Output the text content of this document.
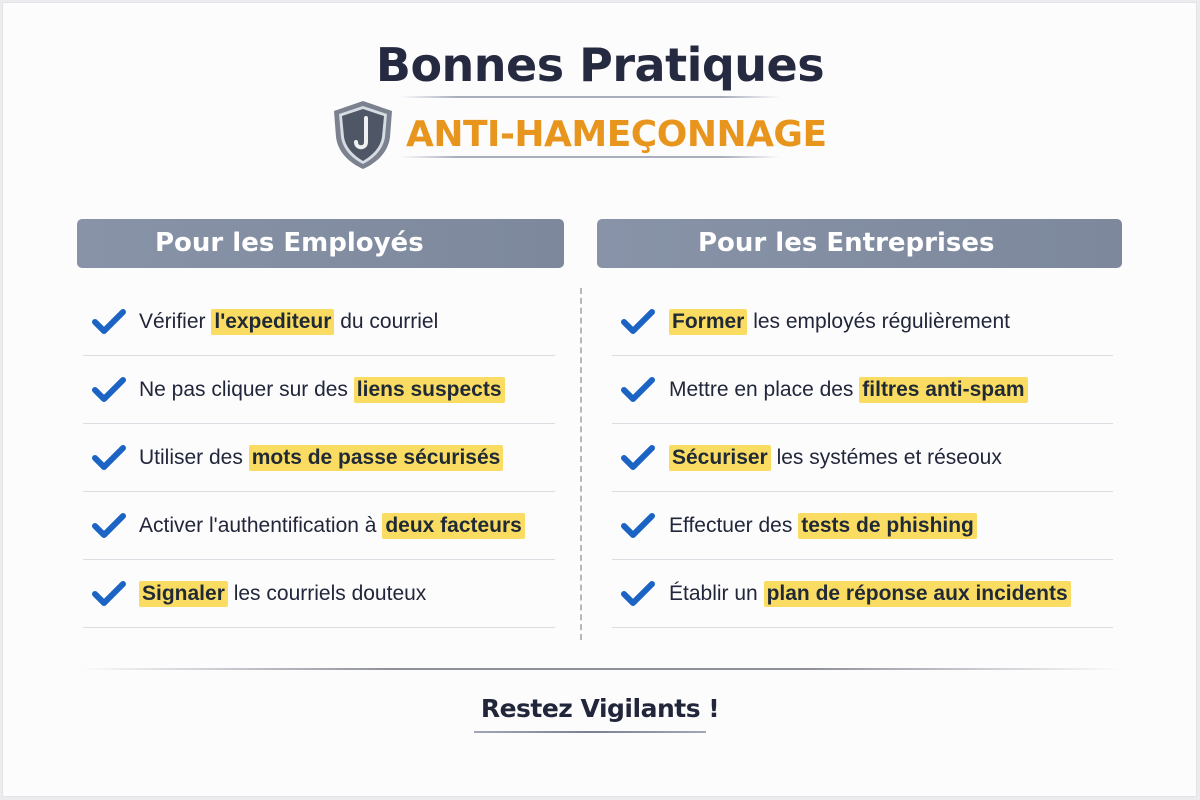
Bonnes Pratiques
ANTI-HAMEÇONNAGE
Pour les Employés	Pour les Entreprises
Vérifier l'expediteur du courriel
Ne pas cliquer sur des liens suspects
Utiliser des mots de passe sécurisés
Activer l'authentification à deux facteurs
Signaler les courriels douteux
Former les employés régulièrement
Mettre en place des filtres anti-spam
Sécuriser les systémes et réseoux
Effectuer des tests de phishing
Établir un plan de réponse aux incidents
Restez Vigilants !
